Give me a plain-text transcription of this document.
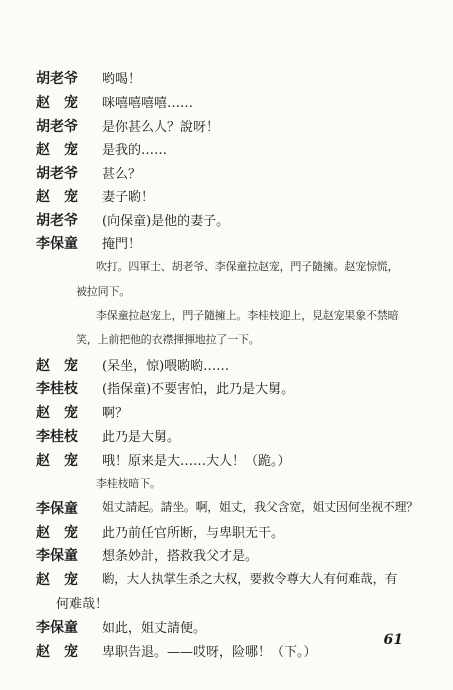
胡老爷	哟喝！
赵　宠	咪嘻嘻嘻嘻……
胡老爷	是你甚么人？說呀！
赵　宠	是我的……
胡老爷	甚么？
赵　宠	妻子喲！
胡老爷	(向保童)是他的妻子。
李保童	掩門！
吹打。四軍士、胡老爷、李保童拉赵宠，門子隨擁。赵宠惊慌，
被拉同下。
李保童拉赵宠上，門子隨擁上。李桂枝迎上，見赵宠果象不禁暗
笑，上前把他的衣襟揮揮地拉了一下。
赵　宠	(呆坐，惊)喂喲喲……
李桂枝	(指保童)不要害怕，此乃是大舅。
赵　宠	啊？
李桂枝	此乃是大舅。
赵　宠	哦！原来是大……大人！（跪。）
李桂枝暗下。
李保童	姐丈請起。請坐。啊，姐丈，我父含宽，姐丈因何坐视不理？
赵　宠	此乃前任官所断，与卑职无干。
李保童	想条妙計，搭救我父才是。
赵　宠	喲，大人执掌生杀之大权，要救令尊大人有何难哉，有
何难哉！
李保童	如此，姐丈請便。
赵　宠	卑职告退。——哎呀，险哪！（下。）
61
